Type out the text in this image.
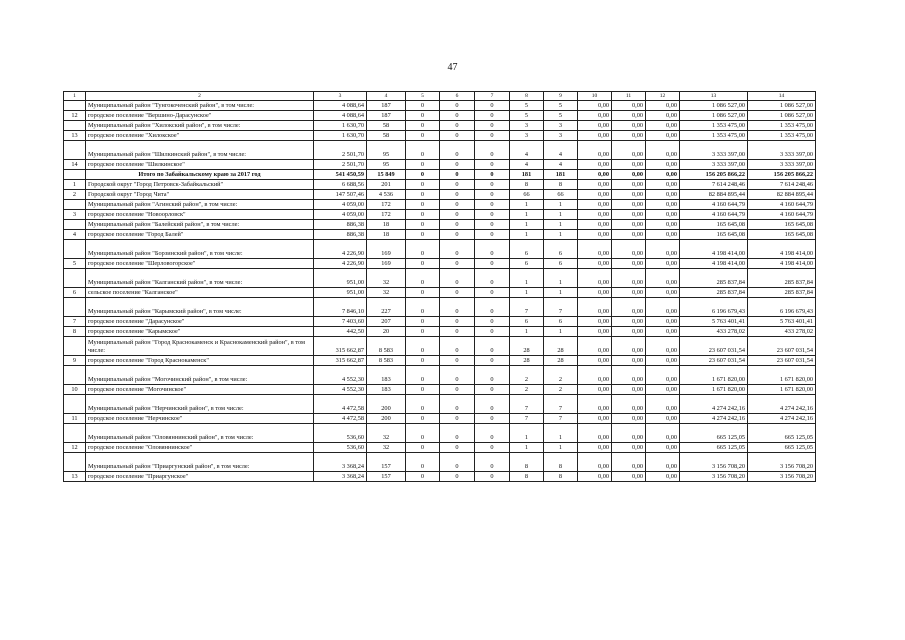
47
1	2	3	4	5	6	7	8	9	10	11	12	13	14
	Муниципальный район "Тунгокоченский район", в том числе:	4 088,64	187	0	0	0	5	5	0,00	0,00	0,00	1 086 527,00	1 086 527,00
12	городское поселение "Вершино-Дарасунское"	4 088,64	187	0	0	0	5	5	0,00	0,00	0,00	1 086 527,00	1 086 527,00
	Муниципальный район "Хилокский район", в том числе:	1 630,70	58	0	0	0	3	3	0,00	0,00	0,00	1 353 475,00	1 353 475,00
13	городское поселение "Хилокское"	1 630,70	58	0	0	0	3	3	0,00	0,00	0,00	1 353 475,00	1 353 475,00
	Муниципальный район "Шилкинский район", в том числе:	2 501,70	95	0	0	0	4	4	0,00	0,00	0,00	3 333 397,00	3 333 397,00
14	городское поселение "Шилкинское"	2 501,70	95	0	0	0	4	4	0,00	0,00	0,00	3 333 397,00	3 333 397,00
	Итого по Забайкальскому краю за 2017 год	541 450,59	15 849	0	0	0	181	181	0,00	0,00	0,00	156 205 866,22	156 205 866,22
1	Городской округ "Город Петровск-Забайкальский"	6 688,56	201	0	0	0	8	8	0,00	0,00	0,00	7 614 248,46	7 614 248,46
2	Городской округ "Город Чита"	147 507,46	4 536	0	0	0	66	66	0,00	0,00	0,00	82 884 895,44	82 884 895,44
	Муниципальный район "Агинский район", в том числе:	4 059,00	172	0	0	0	1	1	0,00	0,00	0,00	4 160 644,79	4 160 644,79
3	городское поселение "Новоорловск"	4 059,00	172	0	0	0	1	1	0,00	0,00	0,00	4 160 644,79	4 160 644,79
	Муниципальный район "Балейский район", в том числе:	886,38	18	0	0	0	1	1	0,00	0,00	0,00	165 645,08	165 645,08
4	городское поселение "Город Балей"	886,38	18	0	0	0	1	1	0,00	0,00	0,00	165 645,08	165 645,08
	Муниципальный район "Борзинский район", в том числе:	4 226,90	169	0	0	0	6	6	0,00	0,00	0,00	4 198 414,00	4 198 414,00
5	городское поселение "Шерловогорское"	4 226,90	169	0	0	0	6	6	0,00	0,00	0,00	4 198 414,00	4 198 414,00
	Муниципальный район "Калганский район", в том числе:	951,00	32	0	0	0	1	1	0,00	0,00	0,00	285 837,84	285 837,84
6	сельское поселение "Калганское"	951,00	32	0	0	0	1	1	0,00	0,00	0,00	285 837,84	285 837,84
	Муниципальный район "Карымский район", в том числе:	7 846,10	227	0	0	0	7	7	0,00	0,00	0,00	6 196 679,43	6 196 679,43
7	городское поселение "Дарасунское"	7 403,60	207	0	0	0	6	6	0,00	0,00	0,00	5 763 401,41	5 763 401,41
8	городское поселение "Карымское"	442,50	20	0	0	0	1	1	0,00	0,00	0,00	433 278,02	433 278,02
	Муниципальный район "Город Краснокаменск и Краснокаменский район", в том числе:	315 662,87	8 583	0	0	0	28	28	0,00	0,00	0,00	23 607 031,54	23 607 031,54
9	городское поселение "Город Краснокаменск"	315 662,87	8 583	0	0	0	28	28	0,00	0,00	0,00	23 607 031,54	23 607 031,54
	Муниципальный район "Могочинский район", в том числе:	4 552,30	183	0	0	0	2	2	0,00	0,00	0,00	1 671 820,00	1 671 820,00
10	городское поселение "Могочинское"	4 552,30	183	0	0	0	2	2	0,00	0,00	0,00	1 671 820,00	1 671 820,00
	Муниципальный район "Нерчинский район", в том числе:	4 472,58	200	0	0	0	7	7	0,00	0,00	0,00	4 274 242,16	4 274 242,16
11	городское поселение "Нерчинское"	4 472,58	200	0	0	0	7	7	0,00	0,00	0,00	4 274 242,16	4 274 242,16
	Муниципальный район "Оловяннинский район", в том числе:	536,60	32	0	0	0	1	1	0,00	0,00	0,00	665 125,05	665 125,05
12	городское поселение "Оловяннинское"	536,60	32	0	0	0	1	1	0,00	0,00	0,00	665 125,05	665 125,05
	Муниципальный район "Приаргунский район", в том числе:	3 368,24	157	0	0	0	8	8	0,00	0,00	0,00	3 156 708,20	3 156 708,20
13	городское поселение "Приаргунское"	3 368,24	157	0	0	0	8	8	0,00	0,00	0,00	3 156 708,20	3 156 708,20
